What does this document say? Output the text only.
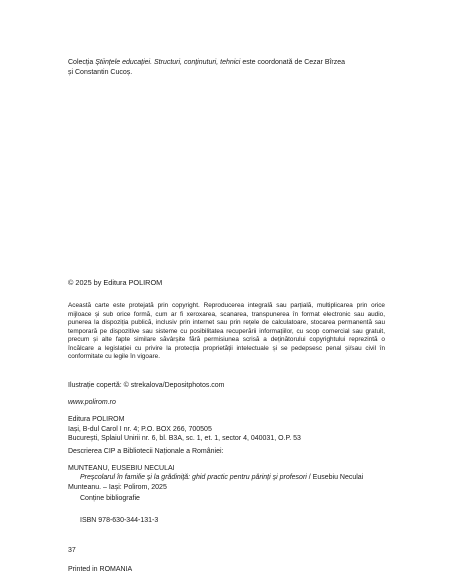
Colecția Științele educației. Structuri, conținuturi, tehnici este coordonată de Cezar Bîrzea
și Constantin Cucoș.

© 2025 by Editura POLIROM

Această carte este protejată prin copyright. Reproducerea integrală sau parțială, multiplicarea prin orice mijloace și sub orice formă, cum ar fi xeroxarea, scanarea, transpunerea în format electronic sau audio, punerea la dispoziția publică, inclusiv prin internet sau prin rețele de calculatoare, stocarea permanentă sau temporară pe dispozitive sau sisteme cu posibilitatea recuperării informațiilor, cu scop comercial sau gratuit, precum și alte fapte similare săvârșite fără permisiunea scrisă a deținătorului copyrightului reprezintă o încălcare a legislației cu privire la protecția proprietății intelectuale și se pedepsesc penal și/sau civil în conformitate cu legile în vigoare.

Ilustrație copertă: © strekalova/Depositphotos.com

www.polirom.ro

Editura POLIROM
Iași, B-dul Carol I nr. 4; P.O. BOX 266, 700505
București, Splaiul Unirii nr. 6, bl. B3A, sc. 1, et. 1, sector 4, 040031, O.P. 53

Descrierea CIP a Bibliotecii Naționale a României:

MUNTEANU, EUSEBIU NECULAI

Preșcolarul în familie și la grădiniță: ghid practic pentru părinți și profesori / Eusebiu Neculai Munteanu. – Iași: Polirom, 2025

Conține bibliografie

ISBN 978-630-344-131-3

37

Printed in ROMANIA
